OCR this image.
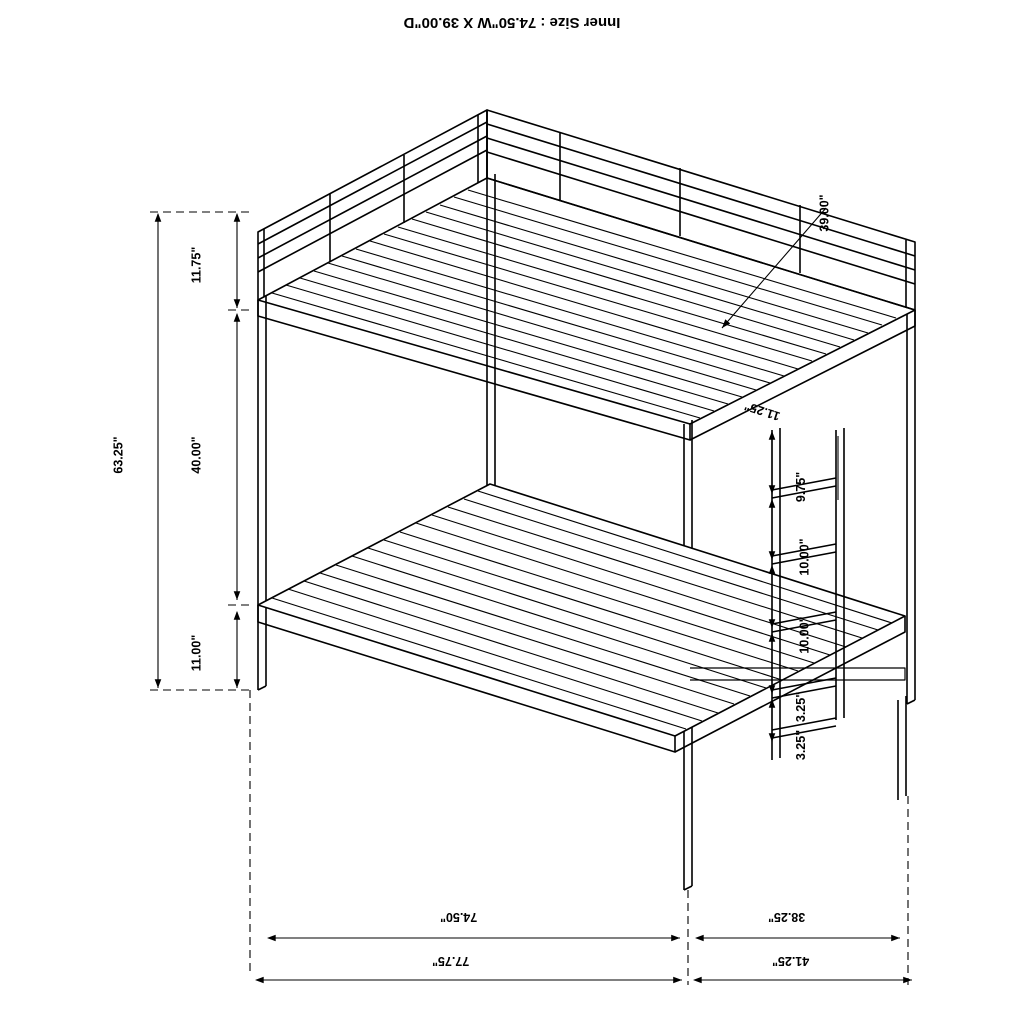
Inner Size : 74.50"W X 39.00"D
11.75"
63.25"	40.00"
11.00"
39.00"
11.25"
9.75"
10.00"
10.00"
3.25"
3.25"
74.50"
77.75"
38.25"
41.25"
